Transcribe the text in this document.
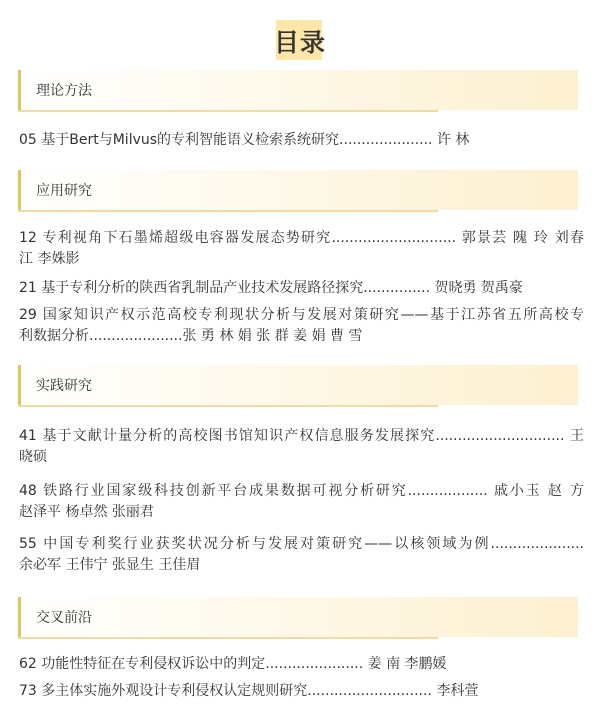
目录
理论方法
05 基于Bert与Milvus的专利智能语义检索系统研究..................... 许 林
应用研究
12 专利视角下石墨烯超级电容器发展态势研究............................ 郭景芸 隗 玲 刘春
江 李姝影
21 基于专利分析的陕西省乳制品产业技术发展路径探究............... 贺晓勇 贺禹豪
29 国家知识产权示范高校专利现状分析与发展对策研究——基于江苏省五所高校专
利数据分析.....................张 勇 林 娟 张 群 姜 娟 曹 雪
实践研究
41 基于文献计量分析的高校图书馆知识产权信息服务发展探究............................. 王
晓硕
48 铁路行业国家级科技创新平台成果数据可视分析研究.................. 戚小玉 赵 方
赵泽平 杨卓然 张丽君
55 中国专利奖行业获奖状况分析与发展对策研究——以核领域为例.....................
余必军 王伟宁 张显生 王佳眉
交叉前沿
62 功能性特征在专利侵权诉讼中的判定...................... 姜 南 李鹏媛
73 多主体实施外观设计专利侵权认定规则研究............................ 李科萱
